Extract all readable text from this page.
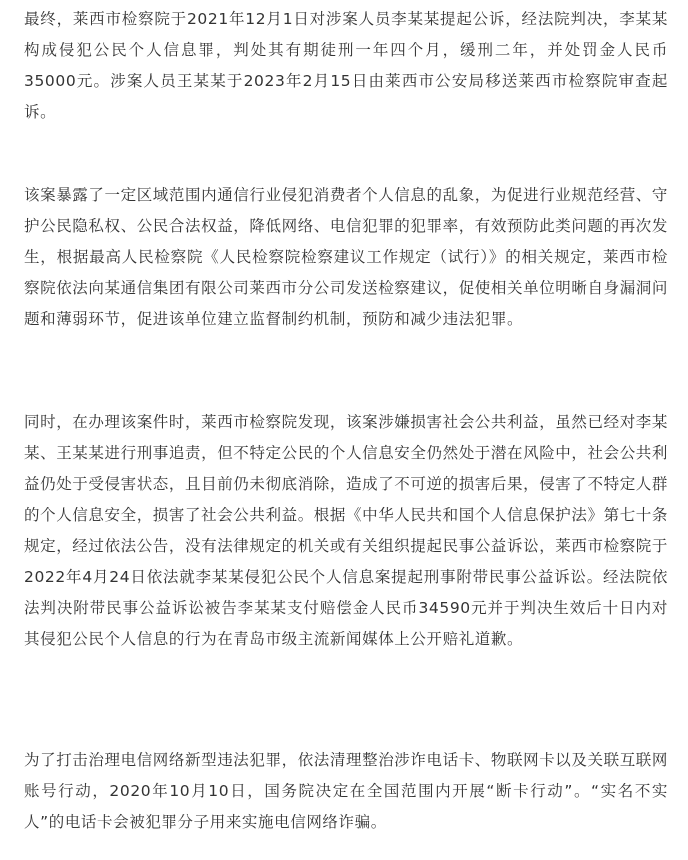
最终，莱西市检察院于2021年12月1日对涉案人员李某某提起公诉，经法院判决，李某某构成侵犯公民个人信息罪，判处其有期徒刑一年四个月，缓刑二年，并处罚金人民币35000元。涉案人员王某某于2023年2月15日由莱西市公安局移送莱西市检察院审查起诉。

该案暴露了一定区域范围内通信行业侵犯消费者个人信息的乱象，为促进行业规范经营、守护公民隐私权、公民合法权益，降低网络、电信犯罪的犯罪率，有效预防此类问题的再次发生，根据最高人民检察院《人民检察院检察建议工作规定（试行）》的相关规定，莱西市检察院依法向某通信集团有限公司莱西市分公司发送检察建议，促使相关单位明晰自身漏洞问题和薄弱环节，促进该单位建立监督制约机制，预防和减少违法犯罪。

同时，在办理该案件时，莱西市检察院发现，该案涉嫌损害社会公共利益，虽然已经对李某某、王某某进行刑事追责，但不特定公民的个人信息安全仍然处于潜在风险中，社会公共利益仍处于受侵害状态，且目前仍未彻底消除，造成了不可逆的损害后果，侵害了不特定人群的个人信息安全，损害了社会公共利益。根据《中华人民共和国个人信息保护法》第七十条规定，经过依法公告，没有法律规定的机关或有关组织提起民事公益诉讼，莱西市检察院于2022年4月24日依法就李某某侵犯公民个人信息案提起刑事附带民事公益诉讼。经法院依法判决附带民事公益诉讼被告李某某支付赔偿金人民币34590元并于判决生效后十日内对其侵犯公民个人信息的行为在青岛市级主流新闻媒体上公开赔礼道歉。

为了打击治理电信网络新型违法犯罪，依法清理整治涉诈电话卡、物联网卡以及关联互联网账号行动，2020年10月10日，国务院决定在全国范围内开展“断卡行动”。“实名不实人”的电话卡会被犯罪分子用来实施电信网络诈骗。
